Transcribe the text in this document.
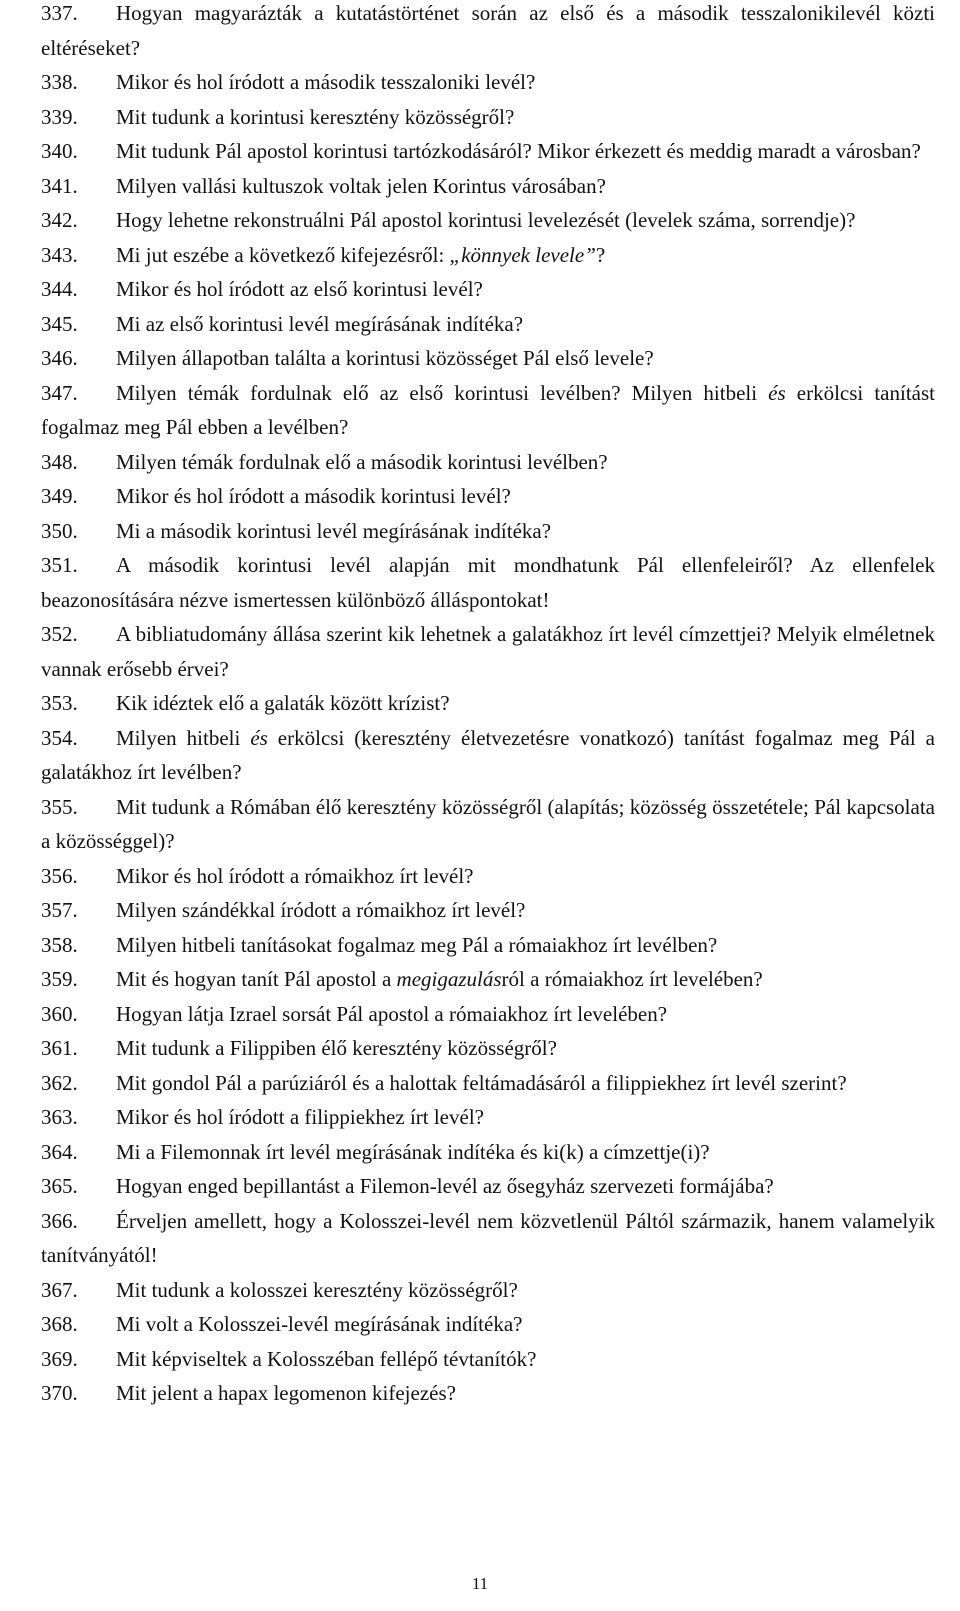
337. Hogyan magyarázták a kutatástörténet során az első és a második tesszalonikilevél közti eltéréseket?

338. Mikor és hol íródott a második tesszaloniki levél?

339. Mit tudunk a korintusi keresztény közösségről?

340. Mit tudunk Pál apostol korintusi tartózkodásáról? Mikor érkezett és meddig maradt a városban?

341. Milyen vallási kultuszok voltak jelen Korintus városában?

342. Hogy lehetne rekonstruálni Pál apostol korintusi levelezését (levelek száma, sorrendje)?

343. Mi jut eszébe a következő kifejezésről: „könnyek levele”?

344. Mikor és hol íródott az első korintusi levél?

345. Mi az első korintusi levél megírásának indítéka?

346. Milyen állapotban találta a korintusi közösséget Pál első levele?

347. Milyen témák fordulnak elő az első korintusi levélben? Milyen hitbeli és erkölcsi tanítást fogalmaz meg Pál ebben a levélben?

348. Milyen témák fordulnak elő a második korintusi levélben?

349. Mikor és hol íródott a második korintusi levél?

350. Mi a második korintusi levél megírásának indítéka?

351. A második korintusi levél alapján mit mondhatunk Pál ellenfeleiről? Az ellenfelek beazonosítására nézve ismertessen különböző álláspontokat!

352. A bibliatudomány állása szerint kik lehetnek a galatákhoz írt levél címzettjei? Melyik elméletnek vannak erősebb érvei?

353. Kik idéztek elő a galaták között krízist?

354. Milyen hitbeli és erkölcsi (keresztény életvezetésre vonatkozó) tanítást fogalmaz meg Pál a galatákhoz írt levélben?

355. Mit tudunk a Rómában élő keresztény közösségről (alapítás; közösség összetétele; Pál kapcsolata a közösséggel)?

356. Mikor és hol íródott a rómaikhoz írt levél?

357. Milyen szándékkal íródott a rómaikhoz írt levél?

358. Milyen hitbeli tanításokat fogalmaz meg Pál a rómaiakhoz írt levélben?

359. Mit és hogyan tanít Pál apostol a megigazulásról a rómaiakhoz írt levelében?

360. Hogyan látja Izrael sorsát Pál apostol a rómaiakhoz írt levelében?

361. Mit tudunk a Filippiben élő keresztény közösségről?

362. Mit gondol Pál a parúziáról és a halottak feltámadásáról a filippiekhez írt levél szerint?

363. Mikor és hol íródott a filippiekhez írt levél?

364. Mi a Filemonnak írt levél megírásának indítéka és ki(k) a címzettje(i)?

365. Hogyan enged bepillantást a Filemon-levél az ősegyház szervezeti formájába?

366. Érveljen amellett, hogy a Kolosszei-levél nem közvetlenül Páltól származik, hanem valamelyik tanítványától!

367. Mit tudunk a kolosszei keresztény közösségről?

368. Mi volt a Kolosszei-levél megírásának indítéka?

369. Mit képviseltek a Kolosszéban fellépő tévtanítók?

370. Mit jelent a hapax legomenon kifejezés?

11
